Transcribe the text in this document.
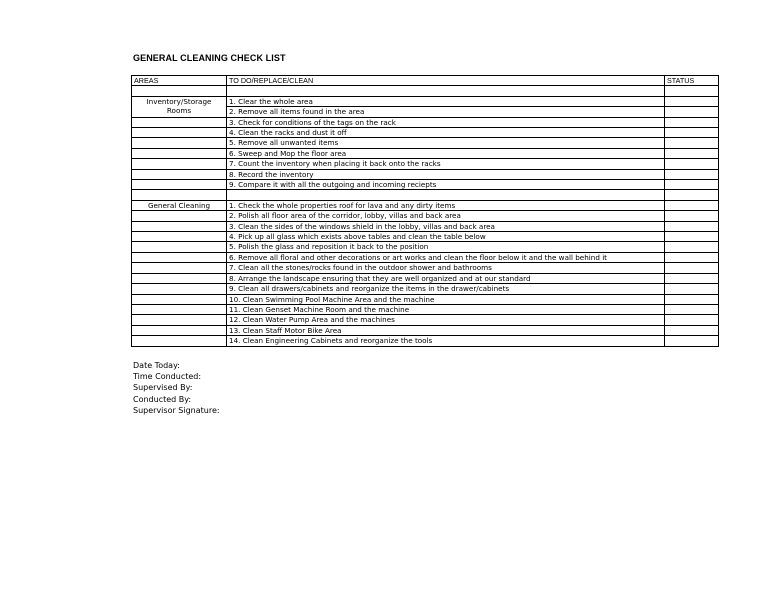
GENERAL CLEANING CHECK LIST
AREAS	TO DO/REPLACE/CLEAN	STATUS

Inventory/Storage Rooms	1. Clear the whole area	
	2. Remove all items found in the area	
	3. Check for conditions of the tags on the rack	
	4. Clean the racks and dust it off	
	5. Remove all unwanted items	
	6. Sweep and Mop the floor area	
	7. Count the inventory when placing it back onto the racks	
	8. Record the inventory	
	9. Compare it with all the outgoing and incoming reciepts	

General Cleaning	1. Check the whole properties roof for lava and any dirty items	
	2. Polish all floor area of the corridor, lobby, villas and back area	
	3. Clean the sides of the windows shield in the lobby, villas and back area	
	4. Pick up all glass which exists above tables and clean the table below	
	5. Polish the glass and reposition it back to the position	
	6. Remove all floral and other decorations or art works and clean the floor below it and the wall behind it	
	7. Clean all the stones/rocks found in the outdoor shower and bathrooms	
	8. Arrange the landscape ensuring that they are well organized and at our standard	
	9. Clean all drawers/cabinets and reorganize the items in the drawer/cabinets	
	10. Clean Swimming Pool Machine Area and the machine	
	11. Clean Genset Machine Room and the machine	
	12. Clean Water Pump Area and the machines	
	13. Clean Staff Motor Bike Area	
	14. Clean Engineering Cabinets and reorganize the tools	
Date Today:
Time Conducted:
Supervised By:
Conducted By:
Supervisor Signature:
